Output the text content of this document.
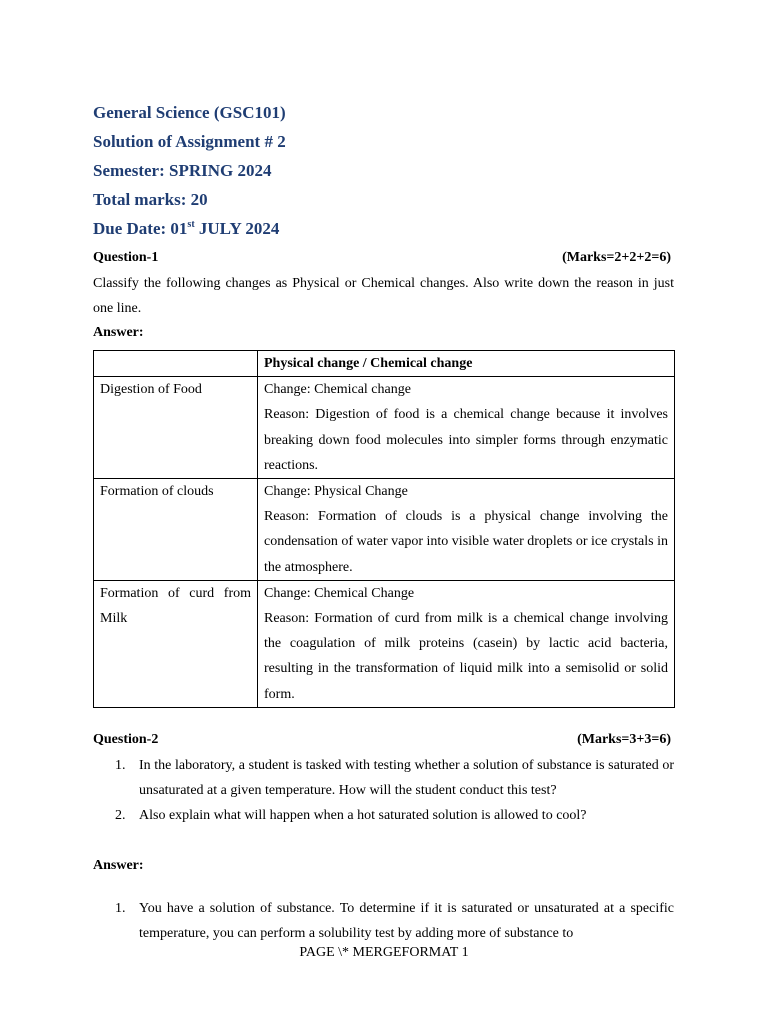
General Science (GSC101)
Solution of Assignment # 2
Semester: SPRING 2024
Total marks: 20
Due Date: 01st JULY 2024
Question-1	(Marks=2+2+2=6)
Classify the following changes as Physical or Chemical changes. Also write down the reason in just one line.
Answer:
	Physical change / Chemical change
Digestion of Food	Change: Chemical change
Reason: Digestion of food is a chemical change because it involves breaking down food molecules into simpler forms through enzymatic reactions.

Formation of clouds	Change: Physical Change
Reason: Formation of clouds is a physical change involving the condensation of water vapor into visible water droplets or ice crystals in the atmosphere.

Formation of curd from Milk	Change: Chemical Change
Reason: Formation of curd from milk is a chemical change involving the coagulation of milk proteins (casein) by lactic acid bacteria, resulting in the transformation of liquid milk into a semisolid or solid form.
Question-2	(Marks=3+3=6)
1. In the laboratory, a student is tasked with testing whether a solution of substance is saturated or unsaturated at a given temperature. How will the student conduct this test?
2. Also explain what will happen when a hot saturated solution is allowed to cool?
Answer:
1. You have a solution of substance. To determine if it is saturated or unsaturated at a specific temperature, you can perform a solubility test by adding more of substance to
PAGE \* MERGEFORMAT 1
